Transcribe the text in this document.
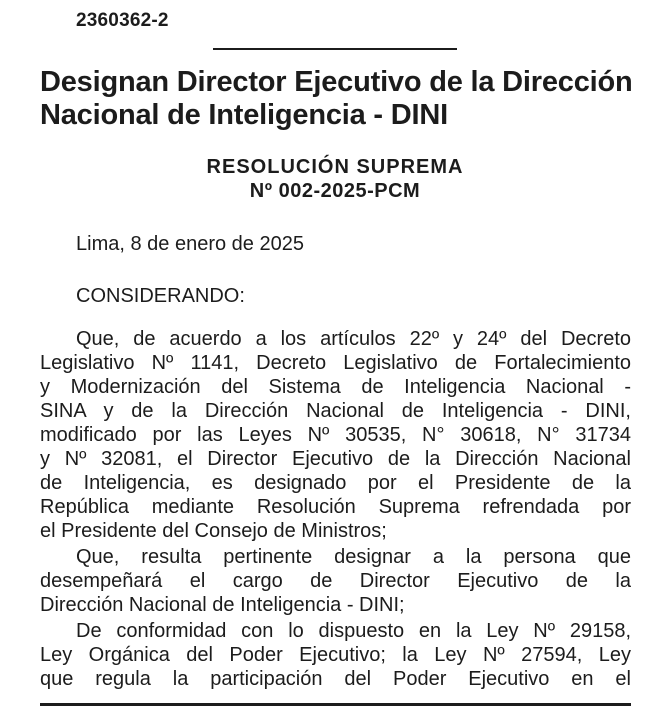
2360362-2
Designan Director Ejecutivo de la Dirección Nacional de Inteligencia - DINI
RESOLUCIÓN SUPREMA
Nº 002-2025-PCM
Lima, 8 de enero de 2025
CONSIDERANDO:
Que, de acuerdo a los artículos 22º y 24º del Decreto
Legislativo Nº 1141, Decreto Legislativo de Fortalecimiento
y Modernización del Sistema de Inteligencia Nacional -
SINA y de la Dirección Nacional de Inteligencia - DINI,
modificado por las Leyes Nº 30535, N° 30618, N° 31734
y Nº 32081, el Director Ejecutivo de la Dirección Nacional
de Inteligencia, es designado por el Presidente de la
República mediante Resolución Suprema refrendada por
el Presidente del Consejo de Ministros;
Que, resulta pertinente designar a la persona que
desempeñará el cargo de Director Ejecutivo de la
Dirección Nacional de Inteligencia - DINI;
De conformidad con lo dispuesto en la Ley Nº 29158,
Ley Orgánica del Poder Ejecutivo; la Ley Nº 27594, Ley
que regula la participación del Poder Ejecutivo en el
